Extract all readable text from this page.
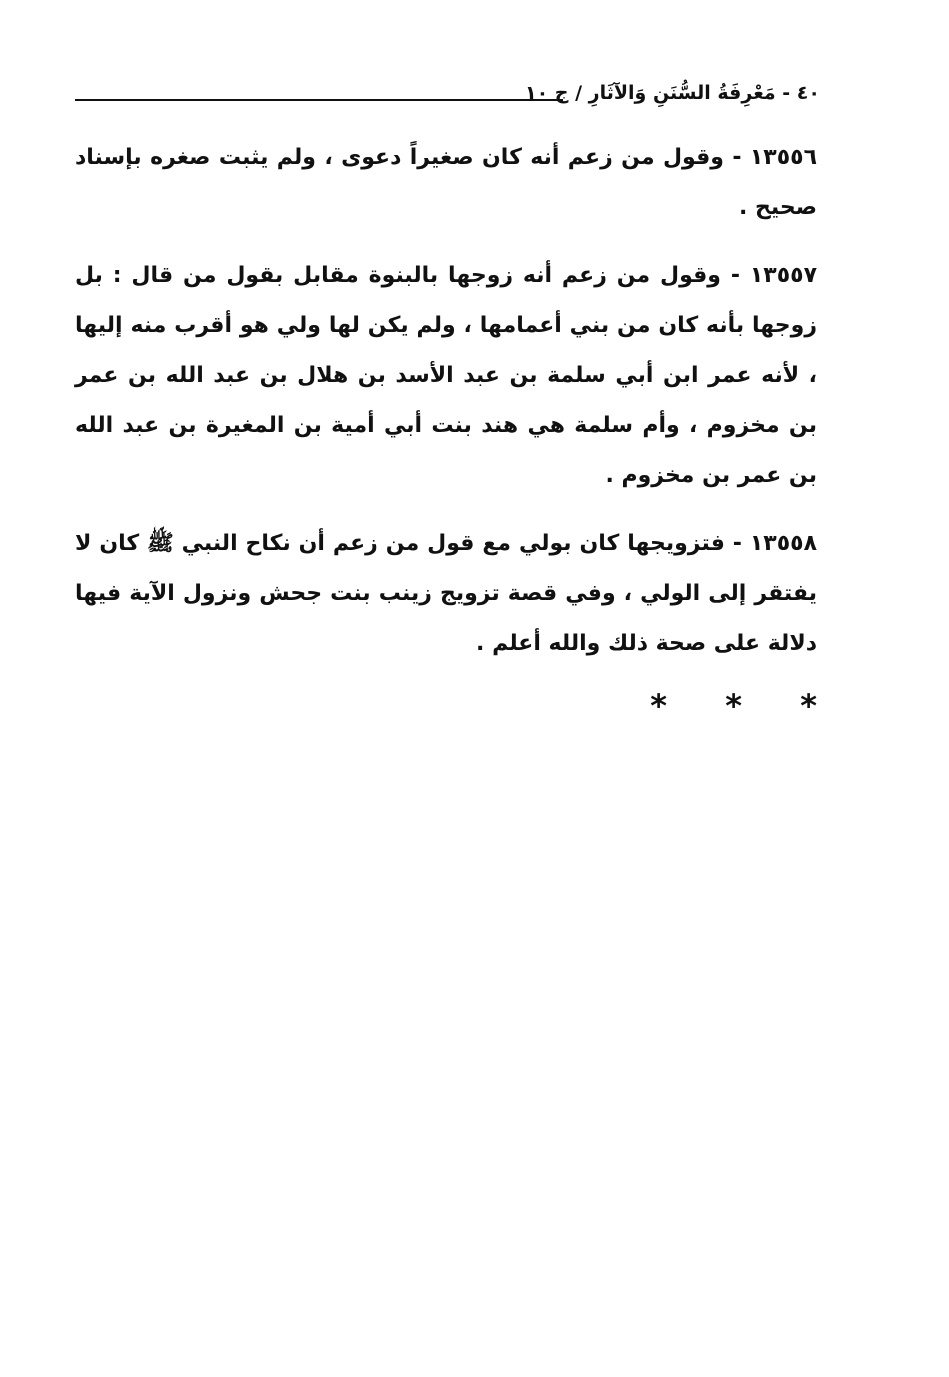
٤٠ - مَعْرِفَةُ السُّنَنِ وَالآثَارِ / ج ١٠

١٣٥٥٦ - وقول من زعم أنه كان صغيراً دعوى ، ولم يثبت صغره بإسناد صحيح .

١٣٥٥٧ - وقول من زعم أنه زوجها بالبنوة مقابل بقول من قال : بل زوجها بأنه كان من بني أعمامها ، ولم يكن لها ولي هو أقرب منه إليها ، لأنه عمر ابن أبي سلمة بن عبد الأسد بن هلال بن عبد الله بن عمر بن مخزوم ، وأم سلمة هي هند بنت أبي أمية بن المغيرة بن عبد الله بن عمر بن مخزوم .

١٣٥٥٨ - فتزويجها كان بولي مع قول من زعم أن نكاح النبي ﷺ كان لا يفتقر إلى الولي ، وفي قصة تزويج زينب بنت جحش ونزول الآية فيها دلالة على صحة ذلك والله أعلم .

* * *
